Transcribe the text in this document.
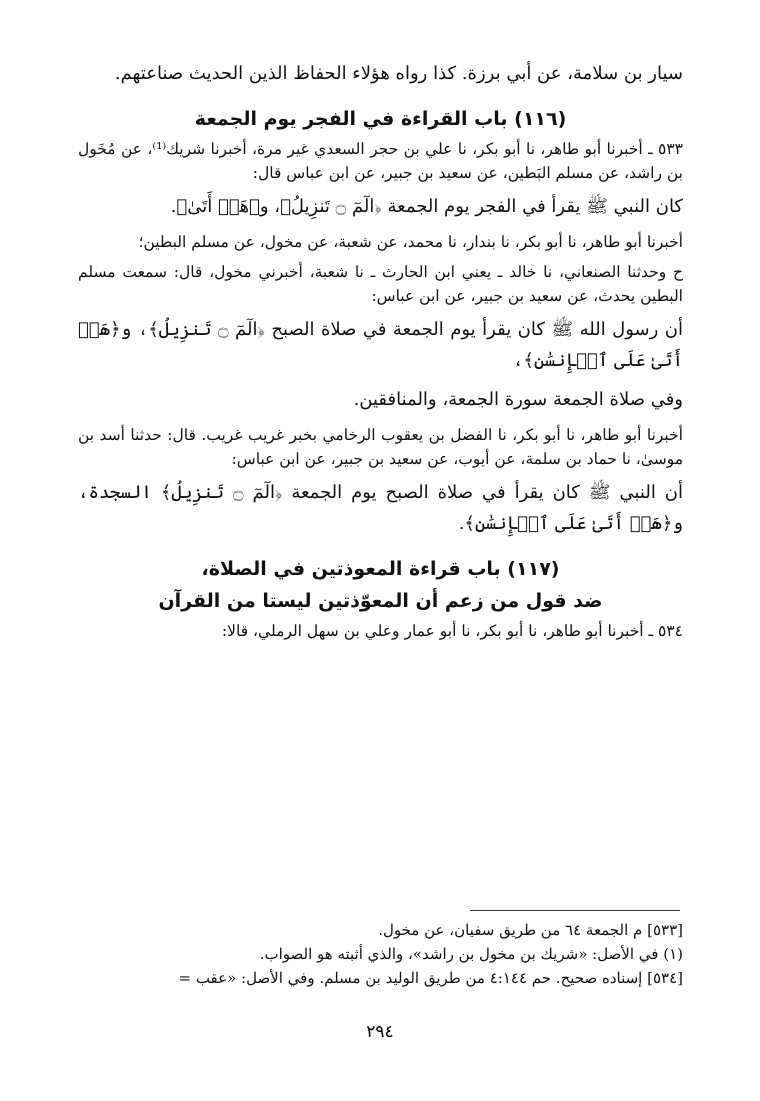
سيار بن سلامة، عن أبي برزة. كذا رواه هؤلاء الحفاظ الذين الحديث صناعتهم.

(١١٦) باب القراءة في الفجر يوم الجمعة

٥٣٣ ـ أخبرنا أبو طاهر، نا أبو بكر، نا علي بن حجر السعدي غير مرة، أخبرنا شريك⁽¹⁾، عن مُخَول بن راشد، عن مسلم البَطين، عن سعيد بن جبير، عن ابن عباس قال:

كان النبي ﷺ يقرأ في الفجر يوم الجمعة ﴿الٓمٓ ۝ تَنزِيلُ﴾، و﴿هَلۡ أَتَىٰ﴾.

أخبرنا أبو طاهر، نا أبو بكر، نا بندار، نا محمد، عن شعبة، عن مخول، عن مسلم البطين؛

ح وحدثنا الصنعاني، نا خالد ـ يعني ابن الحارث ـ نا شعبة، أخبرني مخول، قال: سمعت مسلم البطين يحدث، عن سعيد بن جبير، عن ابن عباس:

أن رسول الله ﷺ كان يقرأ يوم الجمعة في صلاة الصبح ﴿الٓمٓ ۝ تَنزِيلُ﴾، و﴿هَلۡ أَتَىٰ عَلَى ٱلۡإِنسَٰنِ﴾،

وفي صلاة الجمعة سورة الجمعة، والمنافقين.

أخبرنا أبو طاهر، نا أبو بكر، نا الفضل بن يعقوب الرخامي بخبر غريب غريب. قال: حدثنا أسد بن موسىٰ، نا حماد بن سلمة، عن أيوب، عن سعيد بن جبير، عن ابن عباس:

أن النبي ﷺ كان يقرأ في صلاة الصبح يوم الجمعة ﴿الٓمٓ ۝ تَنزِيلُ﴾ السجدة، و﴿هَلۡ أَتَىٰ عَلَى ٱلۡإِنسَٰنِ﴾.

(١١٧) باب قراءة المعوذتين في الصلاة،
ضد قول من زعم أن المعوّذتين ليستا من القرآن

٥٣٤ ـ أخبرنا أبو طاهر، نا أبو بكر، نا أبو عمار وعلي بن سهل الرملي، قالا:

[٥٣٣] م الجمعة ٦٤ من طريق سفيان، عن مخول.

(١) في الأصل: «شريك بن مخول بن راشد»، والذي أثبته هو الصواب.

[٥٣٤] إسناده صحيح. حم ٤:١٤٤ من طريق الوليد بن مسلم. وفي الأصل: «عقب =

٢٩٤
